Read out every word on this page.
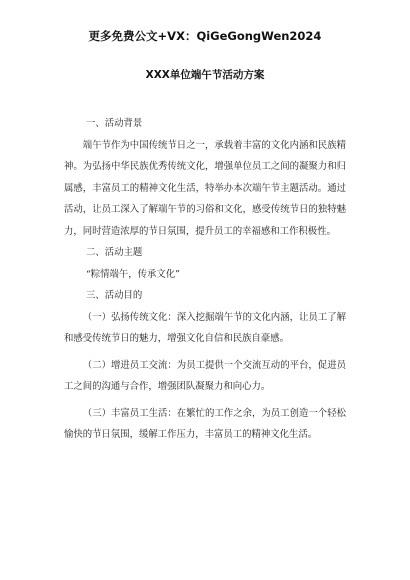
更多免费公文+VX：QiGeGongWen2024
XXX单位端午节活动方案
一、活动背景

端午节作为中国传统节日之一，承载着丰富的文化内涵和民族精神。为弘扬中华民族优秀传统文化，增强单位员工之间的凝聚力和归属感，丰富员工的精神文化生活，特举办本次端午节主题活动。通过活动，让员工深入了解端午节的习俗和文化，感受传统节日的独特魅力，同时营造浓厚的节日氛围，提升员工的幸福感和工作积极性。

二、活动主题
“粽情端午，传承文化”
三、活动目的

（一）弘扬传统文化：深入挖掘端午节的文化内涵，让员工了解和感受传统节日的魅力，增强文化自信和民族自豪感。

（二）增进员工交流：为员工提供一个交流互动的平台，促进员工之间的沟通与合作，增强团队凝聚力和向心力。

（三）丰富员工生活：在繁忙的工作之余，为员工创造一个轻松愉快的节日氛围，缓解工作压力，丰富员工的精神文化生活。
